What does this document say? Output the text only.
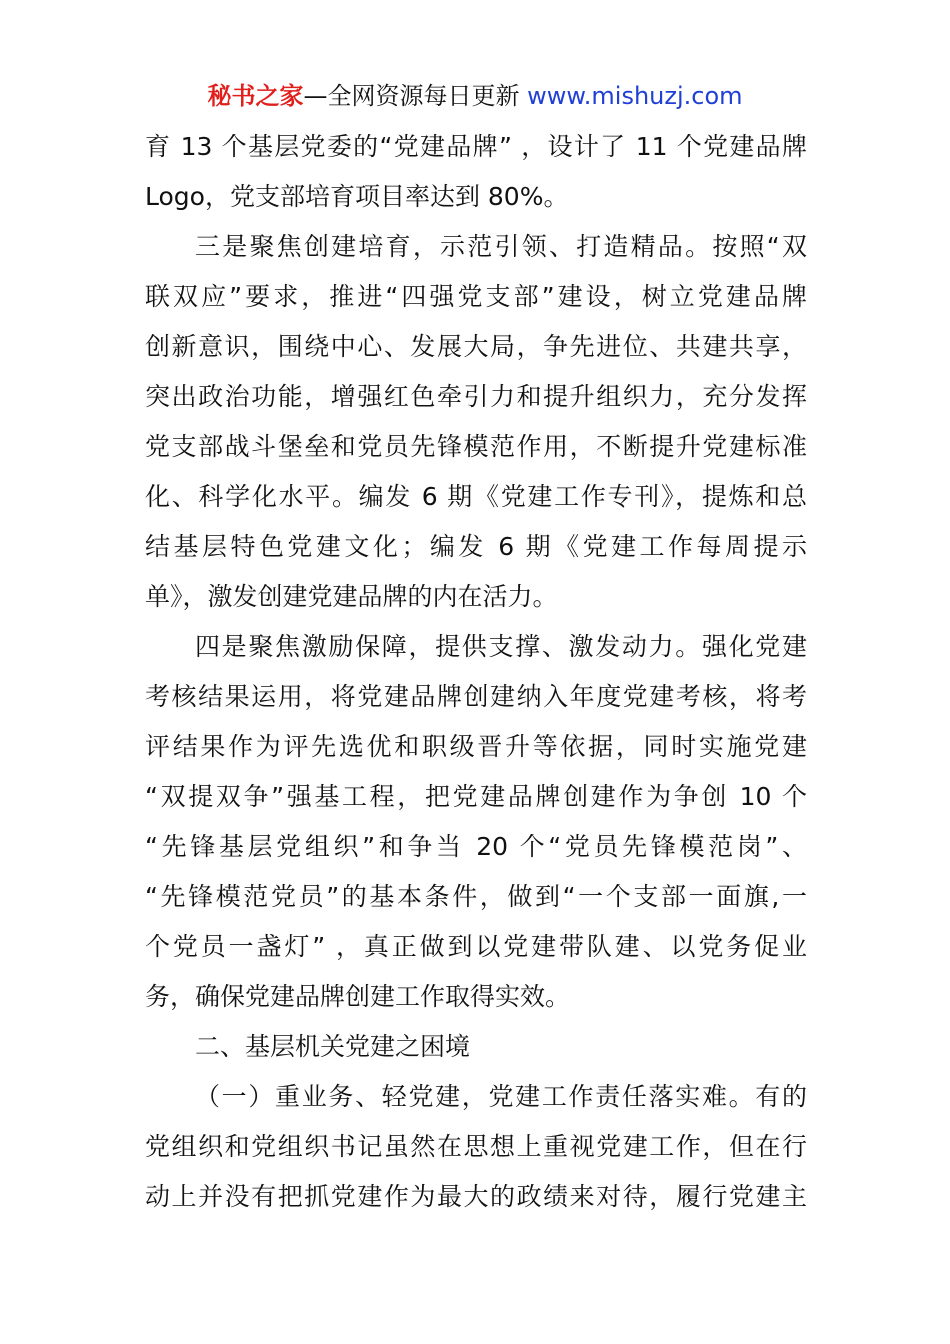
秘书之家—全网资源每日更新 www.mishuzj.com
育 13 个基层党委的“党建品牌” ，设计了 11 个党建品牌
Logo，党支部培育项目率达到 80%。
三是聚焦创建培育，示范引领、打造精品。按照“双
联双应”要求，推进“四强党支部”建设，树立党建品牌
创新意识，围绕中心、发展大局，争先进位、共建共享，
突出政治功能，增强红色牵引力和提升组织力，充分发挥
党支部战斗堡垒和党员先锋模范作用，不断提升党建标准
化、科学化水平。编发 6 期《党建工作专刊》，提炼和总
结基层特色党建文化；编发 6 期《党建工作每周提示
单》，激发创建党建品牌的内在活力。
四是聚焦激励保障，提供支撑、激发动力。强化党建
考核结果运用，将党建品牌创建纳入年度党建考核，将考
评结果作为评先选优和职级晋升等依据，同时实施党建
“双提双争”强基工程，把党建品牌创建作为争创 10 个
“先锋基层党组织”和争当 20 个“党员先锋模范岗”、
“先锋模范党员”的基本条件，做到“一个支部一面旗,一
个党员一盏灯” ，真正做到以党建带队建、以党务促业
务，确保党建品牌创建工作取得实效。
二、基层机关党建之困境
（一）重业务、轻党建，党建工作责任落实难。有的
党组织和党组织书记虽然在思想上重视党建工作，但在行
动上并没有把抓党建作为最大的政绩来对待，履行党建主
